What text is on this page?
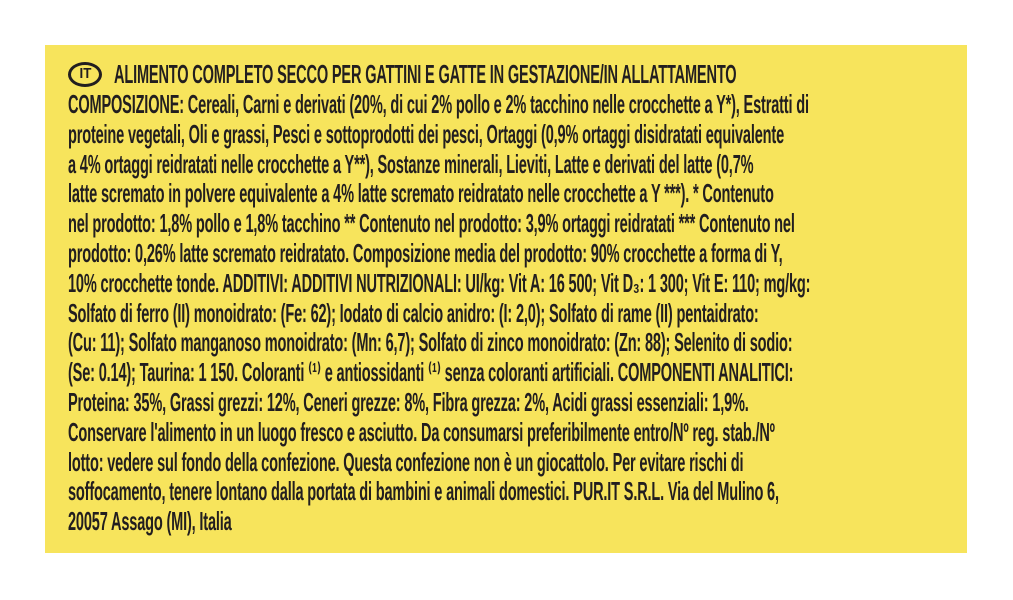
IT ALIMENTO COMPLETO SECCO PER GATTINI E GATTE IN GESTAZIONE/IN ALLATTAMENTO
COMPOSIZIONE: Cereali, Carni e derivati (20%, di cui 2% pollo e 2% tacchino nelle crocchette a Y*), Estratti di
proteine vegetali, Oli e grassi, Pesci e sottoprodotti dei pesci, Ortaggi (0,9% ortaggi disidratati equivalente
a 4% ortaggi reidratati nelle crocchette a Y**), Sostanze minerali, Lieviti, Latte e derivati del latte (0,7%
latte scremato in polvere equivalente a 4% latte scremato reidratato nelle crocchette a Y ***). * Contenuto
nel prodotto: 1,8% pollo e 1,8% tacchino ** Contenuto nel prodotto: 3,9% ortaggi reidratati *** Contenuto nel
prodotto: 0,26% latte scremato reidratato. Composizione media del prodotto: 90% crocchette a forma di Y,
10% crocchette tonde. ADDITIVI: ADDITIVI NUTRIZIONALI: UI/kg: Vit A: 16 500; Vit D₃: 1 300; Vit E: 110; mg/kg:
Solfato di ferro (II) monoidrato: (Fe: 62); Iodato di calcio anidro: (I: 2,0); Solfato di rame (II) pentaidrato:
(Cu: 11); Solfato manganoso monoidrato: (Mn: 6,7); Solfato di zinco monoidrato: (Zn: 88); Selenito di sodio:
(Se: 0.14); Taurina: 1 150. Coloranti ⁽¹⁾ e antiossidanti ⁽¹⁾ senza coloranti artificiali. COMPONENTI ANALITICI:
Proteina: 35%, Grassi grezzi: 12%, Ceneri grezze: 8%, Fibra grezza: 2%, Acidi grassi essenziali: 1,9%.
Conservare l'alimento in un luogo fresco e asciutto. Da consumarsi preferibilmente entro/Nº reg. stab./Nº
lotto: vedere sul fondo della confezione. Questa confezione non è un giocattolo. Per evitare rischi di
soffocamento, tenere lontano dalla portata di bambini e animali domestici. PUR.IT S.R.L. Via del Mulino 6,
20057 Assago (MI), Italia
